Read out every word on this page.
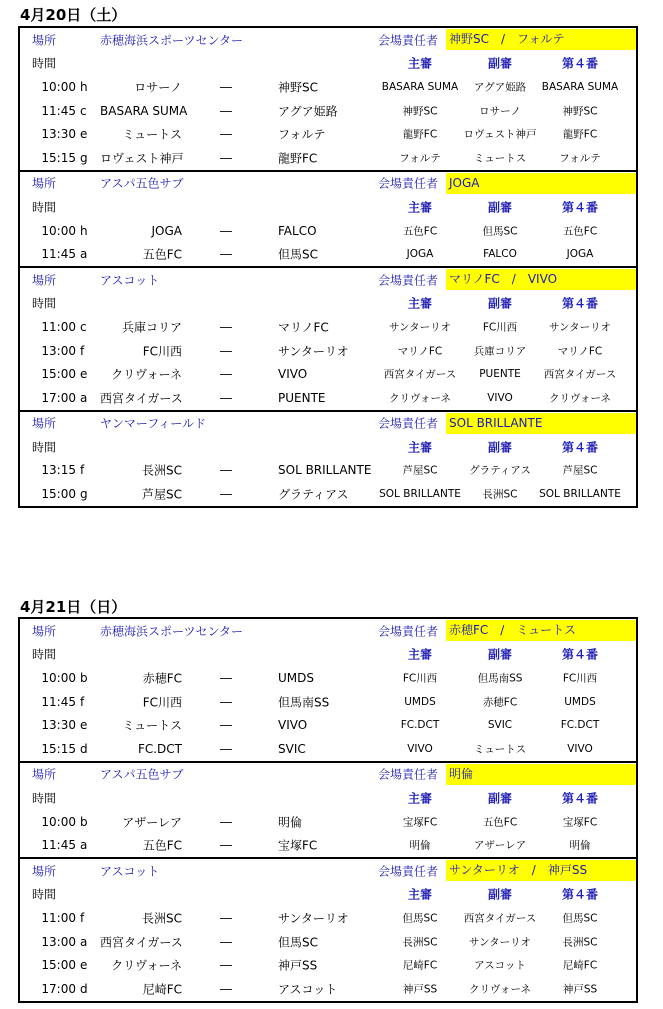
4月20日（土）
場所	赤穂海浜スポーツセンター	会場責任者 神野SC　/　フォルテ
時間	主審	副審	第４番
10:00 h	ロサーノ	―	神野SC	BASARA SUMA	アグア姫路	BASARA SUMA
11:45 c	BASARA SUMA	―	アグア姫路	神野SC	ロサーノ	神野SC
13:30 e	ミュートス	―	フォルテ	龍野FC	ロヴェスト神戸	龍野FC
15:15 g	ロヴェスト神戸	―	龍野FC	フォルテ	ミュートス	フォルテ
場所	アスパ五色サブ	会場責任者 JOGA
時間	主審	副審	第４番
10:00 h	JOGA	―	FALCO	五色FC	但馬SC	五色FC
11:45 a	五色FC	―	但馬SC	JOGA	FALCO	JOGA
場所	アスコット	会場責任者 マリノFC　/　VIVO
時間	主審	副審	第４番
11:00 c	兵庫コリア	―	マリノFC	サンターリオ	FC川西	サンターリオ
13:00 f	FC川西	―	サンターリオ	マリノFC	兵庫コリア	マリノFC
15:00 e	クリヴォーネ	―	VIVO	西宮タイガース	PUENTE	西宮タイガース
17:00 a	西宮タイガース	―	PUENTE	クリヴォーネ	VIVO	クリヴォーネ
場所	ヤンマーフィールド	会場責任者 SOL BRILLANTE
時間	主審	副審	第４番
13:15 f	長洲SC	―	SOL BRILLANTE	芦屋SC	グラティアス	芦屋SC
15:00 g	芦屋SC	―	グラティアス	SOL BRILLANTE	長洲SC	SOL BRILLANTE
4月21日（日）
場所	赤穂海浜スポーツセンター	会場責任者 赤穂FC　/　ミュートス
時間	主審	副審	第４番
10:00 b	赤穂FC	―	UMDS	FC川西	但馬南SS	FC川西
11:45 f	FC川西	―	但馬南SS	UMDS	赤穂FC	UMDS
13:30 e	ミュートス	―	VIVO	FC.DCT	SVIC	FC.DCT
15:15 d	FC.DCT	―	SVIC	VIVO	ミュートス	VIVO
場所	アスパ五色サブ	会場責任者 明倫
時間	主審	副審	第４番
10:00 b	アザーレア	―	明倫	宝塚FC	五色FC	宝塚FC
11:45 a	五色FC	―	宝塚FC	明倫	アザーレア	明倫
場所	アスコット	会場責任者 サンターリオ　/　神戸SS
時間	主審	副審	第４番
11:00 f	長洲SC	―	サンターリオ	但馬SC	西宮タイガース	但馬SC
13:00 a	西宮タイガース	―	但馬SC	長洲SC	サンターリオ	長洲SC
15:00 e	クリヴォーネ	―	神戸SS	尼崎FC	アスコット	尼崎FC
17:00 d	尼崎FC	―	アスコット	神戸SS	クリヴォーネ	神戸SS
